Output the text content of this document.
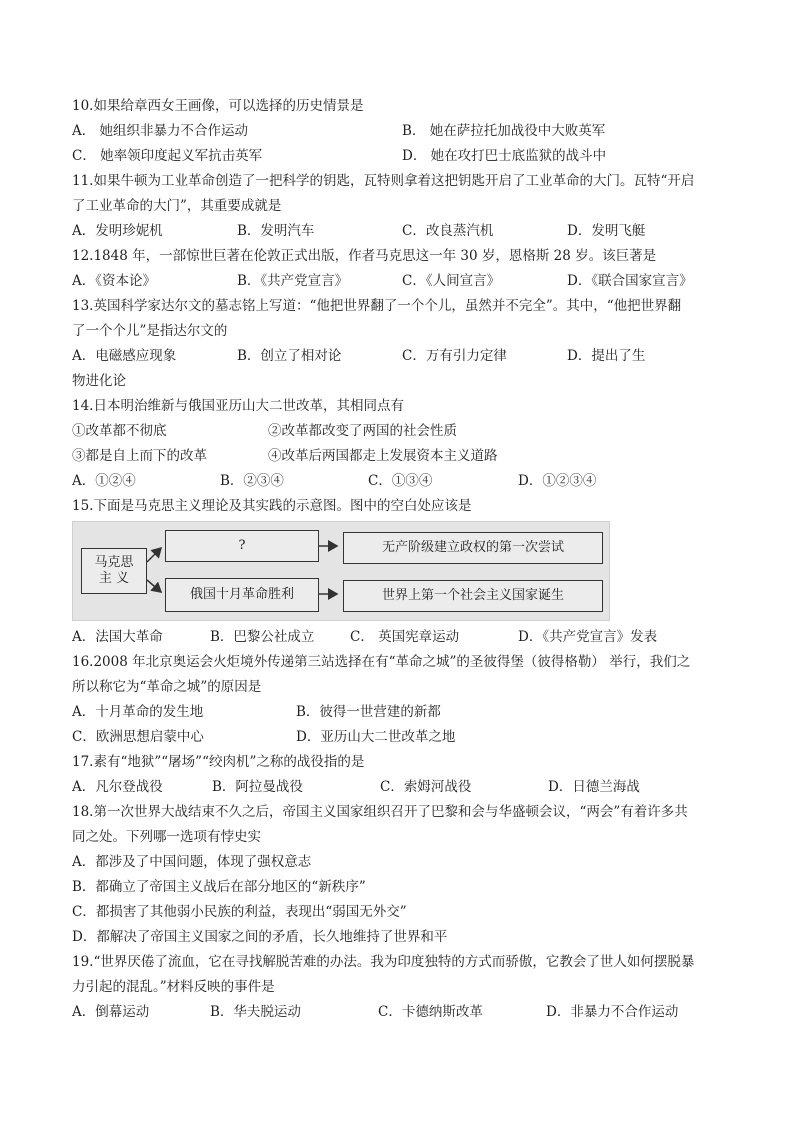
10.如果给章西女王画像，可以选择的历史情景是
A． 她组织非暴力不合作运动	B． 她在萨拉托加战役中大败英军
C． 她率领印度起义军抗击英军	D． 她在攻打巴士底监狱的战斗中
11.如果牛顿为工业革命创造了一把科学的钥匙，瓦特则拿着这把钥匙开启了工业革命的大门。瓦特“开启
了工业革命的大门”，其重要成就是
A．发明珍妮机	B．发明汽车	C．改良蒸汽机	D．发明飞艇
12.1848 年，一部惊世巨著在伦敦正式出版，作者马克思这一年 30 岁，恩格斯 28 岁。该巨著是
A．《资本论》	B．《共产党宣言》	C．《人间宣言》	D．《联合国家宣言》
13.英国科学家达尔文的墓志铭上写道：“他把世界翻了一个个儿，虽然并不完全”。其中，“他把世界翻
了一个个儿”是指达尔文的
A．电磁感应现象	B．创立了相对论	C．万有引力定律	D．提出了生
物进化论
14.日本明治维新与俄国亚历山大二世改革，其相同点有
①改革都不彻底	②改革都改变了两国的社会性质
③都是自上而下的改革	④改革后两国都走上发展资本主义道路
A．①②④	B．②③④	C．①③④	D．①②③④
15.下面是马克思主义理论及其实践的示意图。图中的空白处应该是
马克思
主 义
?	无产阶级建立政权的第一次尝试
俄国十月革命胜利	世界上第一个社会主义国家诞生
A．法国大革命	B．巴黎公社成立	C． 英国宪章运动	D．《共产党宣言》发表
16.2008 年北京奥运会火炬境外传递第三站选择在有“革命之城”的圣彼得堡（彼得格勒） 举行，我们之
所以称它为“革命之城”的原因是
A．十月革命的发生地	B．彼得一世营建的新都
C．欧洲思想启蒙中心	D．亚历山大二世改革之地
17.素有“地狱”“屠场”“绞肉机”之称的战役指的是
A．凡尔登战役	B．阿拉曼战役	C．索姆河战役	D．日德兰海战
18.第一次世界大战结束不久之后，帝国主义国家组织召开了巴黎和会与华盛顿会议，“两会”有着许多共
同之处。下列哪一选项有悖史实
A．都涉及了中国问题，体现了强权意志
B．都确立了帝国主义战后在部分地区的“新秩序”
C．都损害了其他弱小民族的利益，表现出“弱国无外交”
D．都解决了帝国主义国家之间的矛盾，长久地维持了世界和平
19.“世界厌倦了流血，它在寻找解脱苦难的办法。我为印度独特的方式而骄傲，它教会了世人如何摆脱暴
力引起的混乱。”材料反映的事件是
A．倒幕运动	B．华夫脱运动	C．卡德纳斯改革	D．非暴力不合作运动
